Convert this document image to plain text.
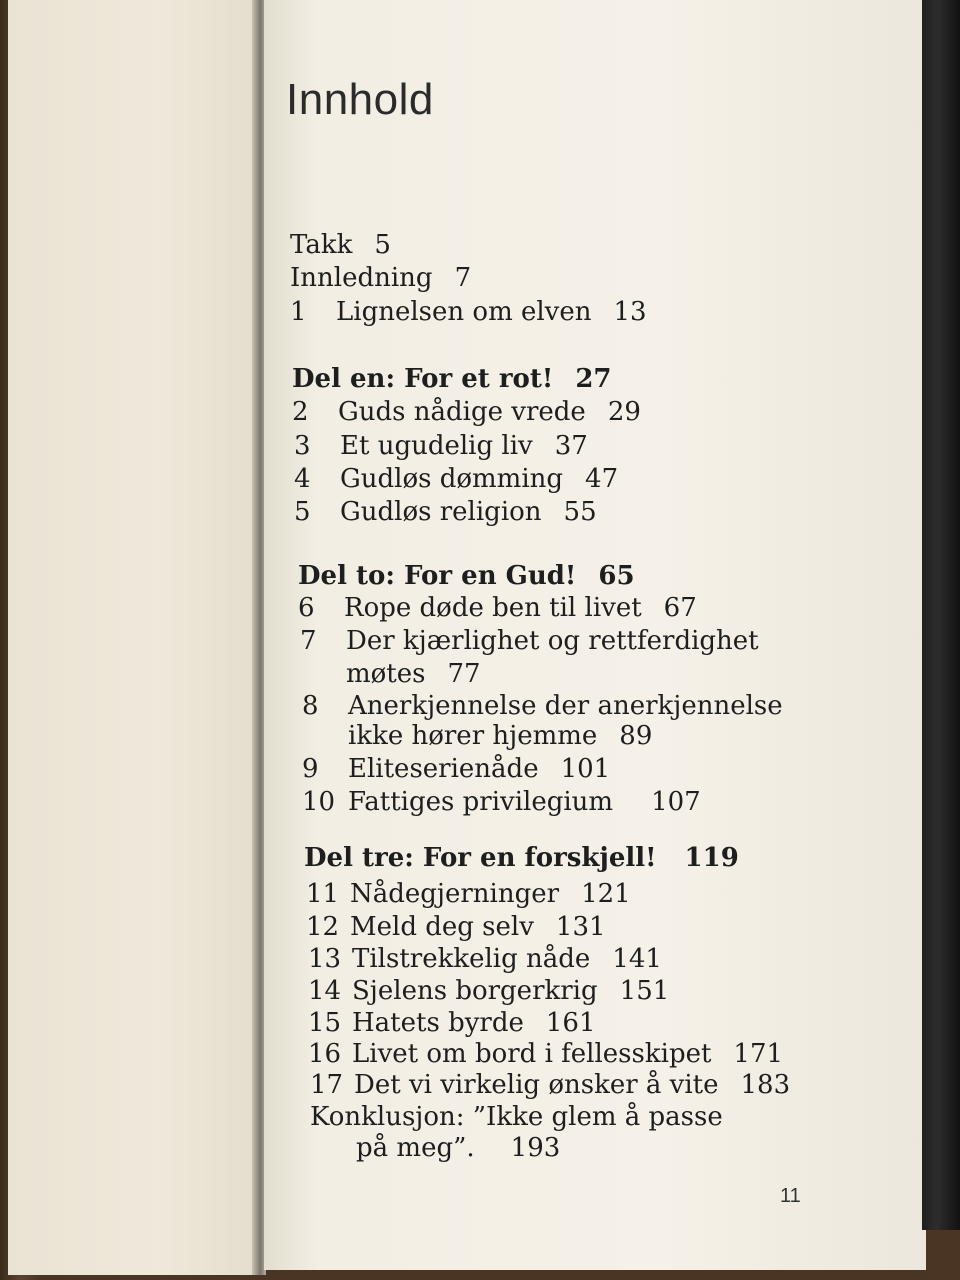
Innhold
Takk 5
Innledning 7
1 Lignelsen om elven 13
Del en: For et rot! 27
2 Guds nådige vrede 29
3 Et ugudelig liv 37
4 Gudløs dømming 47
5 Gudløs religion 55
Del to: For en Gud! 65
6 Rope døde ben til livet 67
7 Der kjærlighet og rettferdighet
møtes 77
8 Anerkjennelse der anerkjennelse
ikke hører hjemme 89
9 Eliteserienåde 101
10 Fattiges privilegium 107
Del tre: For en forskjell! 119
11 Nådegjerninger 121
12 Meld deg selv 131
13 Tilstrekkelig nåde 141
14 Sjelens borgerkrig 151
15 Hatets byrde 161
16 Livet om bord i fellesskipet 171
17 Det vi virkelig ønsker å vite 183
Konklusjon: ”Ikke glem å passe
på meg”. 193
11
